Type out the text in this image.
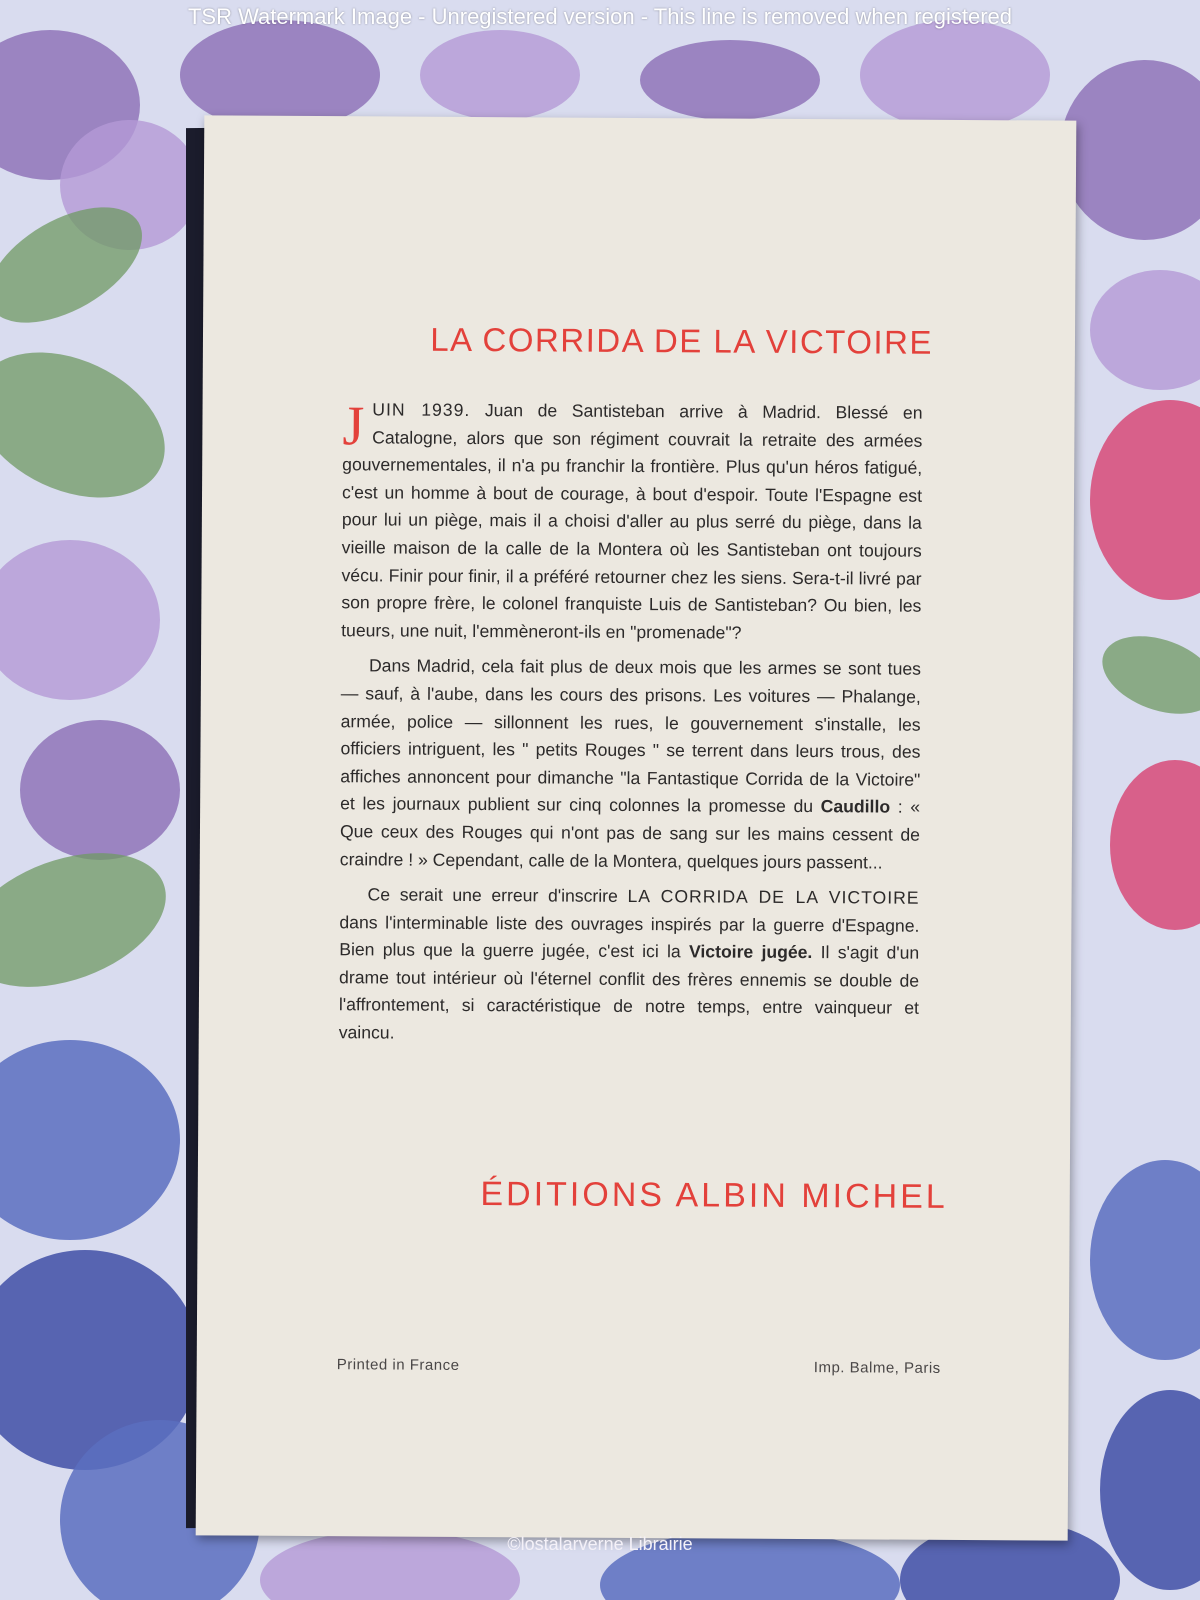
TSR Watermark Image - Unregistered version - This line is removed when registered
LA CORRIDA DE LA VICTOIRE

JUIN 1939. Juan de Santisteban arrive à Madrid. Blessé en Catalogne, alors que son régiment couvrait la retraite des armées gouvernementales, il n'a pu franchir la frontière. Plus qu'un héros fatigué, c'est un homme à bout de courage, à bout d'espoir. Toute l'Espagne est pour lui un piège, mais il a choisi d'aller au plus serré du piège, dans la vieille maison de la calle de la Montera où les Santisteban ont toujours vécu. Finir pour finir, il a préféré retourner chez les siens. Sera-t-il livré par son propre frère, le colonel franquiste Luis de Santisteban? Ou bien, les tueurs, une nuit, l'emmèneront-ils en "promenade"?

Dans Madrid, cela fait plus de deux mois que les armes se sont tues — sauf, à l'aube, dans les cours des prisons. Les voitures — Phalange, armée, police — sillonnent les rues, le gouvernement s'installe, les officiers intriguent, les " petits Rouges " se terrent dans leurs trous, des affiches annoncent pour dimanche "la Fantastique Corrida de la Victoire" et les journaux publient sur cinq colonnes la promesse du Caudillo : « Que ceux des Rouges qui n'ont pas de sang sur les mains cessent de craindre ! » Cependant, calle de la Montera, quelques jours passent...

Ce serait une erreur d'inscrire LA CORRIDA DE LA VICTOIRE dans l'interminable liste des ouvrages inspirés par la guerre d'Espagne. Bien plus que la guerre jugée, c'est ici la Victoire jugée. Il s'agit d'un drame tout intérieur où l'éternel conflit des frères ennemis se double de l'affrontement, si caractéristique de notre temps, entre vainqueur et vaincu.

ÉDITIONS ALBIN MICHEL
Printed in France	Imp. Balme, Paris
©lostalarverne Librairie
